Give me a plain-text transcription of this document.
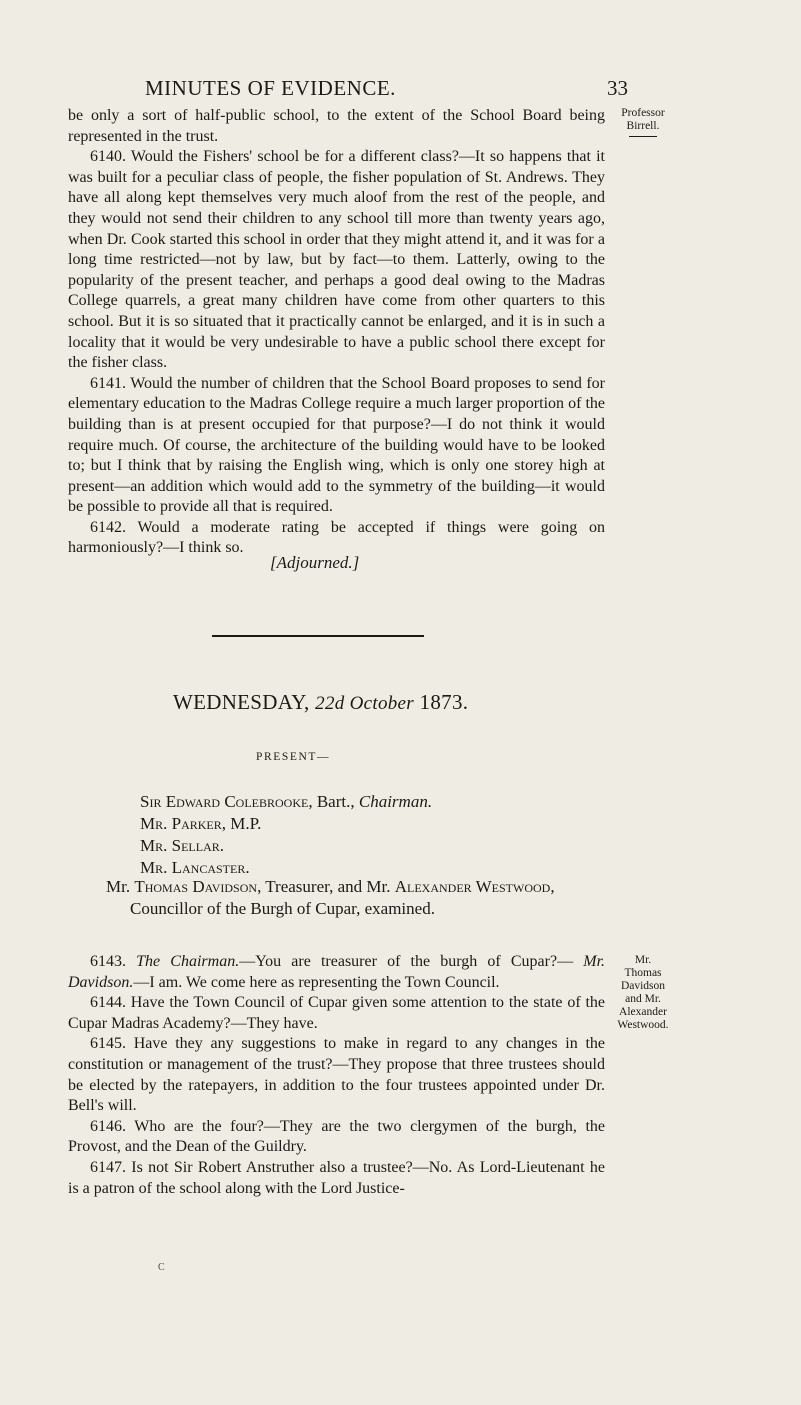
MINUTES OF EVIDENCE.	33
Professor
Birrell.

be only a sort of half-public school, to the extent of the School Board being represented in the trust.

6140. Would the Fishers' school be for a different class?—It so happens that it was built for a peculiar class of people, the fisher population of St. Andrews. They have all along kept themselves very much aloof from the rest of the people, and they would not send their children to any school till more than twenty years ago, when Dr. Cook started this school in order that they might attend it, and it was for a long time restricted—not by law, but by fact—to them. Latterly, owing to the popularity of the present teacher, and perhaps a good deal owing to the Madras College quarrels, a great many children have come from other quarters to this school. But it is so situated that it practically cannot be enlarged, and it is in such a locality that it would be very undesirable to have a public school there except for the fisher class.

6141. Would the number of children that the School Board proposes to send for elementary education to the Madras College require a much larger proportion of the building than is at present occupied for that purpose?—I do not think it would require much. Of course, the architecture of the building would have to be looked to; but I think that by raising the English wing, which is only one storey high at present—an addition which would add to the symmetry of the building—it would be possible to provide all that is required.

6142. Would a moderate rating be accepted if things were going on harmoniously?—I think so.

[Adjourned.]
WEDNESDAY, 22d October 1873.
PRESENT—
Sir Edward Colebrooke, Bart., Chairman.
Mr. Parker, M.P.
Mr. Sellar.
Mr. Lancaster.
Mr. Thomas Davidson, Treasurer, and Mr. Alexander Westwood, Councillor of the Burgh of Cupar, examined.
Mr.
Thomas
Davidson
and Mr.
Alexander
Westwood.

6143. The Chairman.—You are treasurer of the burgh of Cupar?— Mr. Davidson.—I am. We come here as representing the Town Council.

6144. Have the Town Council of Cupar given some attention to the state of the Cupar Madras Academy?—They have.

6145. Have they any suggestions to make in regard to any changes in the constitution or management of the trust?—They propose that three trustees should be elected by the ratepayers, in addition to the four trustees appointed under Dr. Bell's will.

6146. Who are the four?—They are the two clergymen of the burgh, the Provost, and the Dean of the Guildry.

6147. Is not Sir Robert Anstruther also a trustee?—No. As Lord-Lieutenant he is a patron of the school along with the Lord Justice-

C
